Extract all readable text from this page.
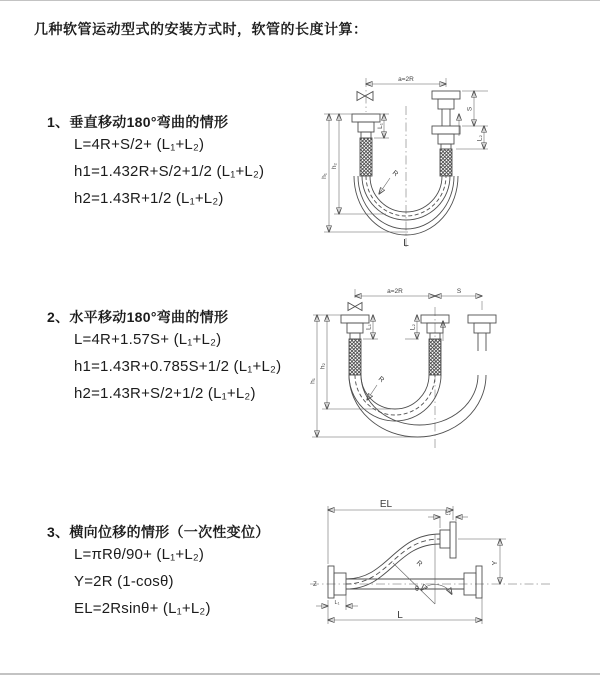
几种软管运动型式的安装方式时，软管的长度计算：
1、垂直移动180°弯曲的情形
L=4R+S/2+ (L₁+L₂)
h1=1.432R+S/2+1/2 (L₁+L₂)
h2=1.43R+1/2 (L₁+L₂)
2、水平移动180°弯曲的情形
L=4R+1.57S+ (L₁+L₂)
h1=1.43R+0.785S+1/2 (L₁+L₂)
h2=1.43R+S/2+1/2 (L₁+L₂)
3、横向位移的情形（一次性变位）
L=πRθ/90+ (L₁+L₂)
Y=2R (1-cosθ)
EL=2Rsinθ+ (L₁+L₂)
a=2R
h₁
h₂
L₁
S
L₂
R
L
a=2R	S
h₁
h₂
L₁	L₂
R
Z
EL
L₂
Y
θ
R
L₁
L
